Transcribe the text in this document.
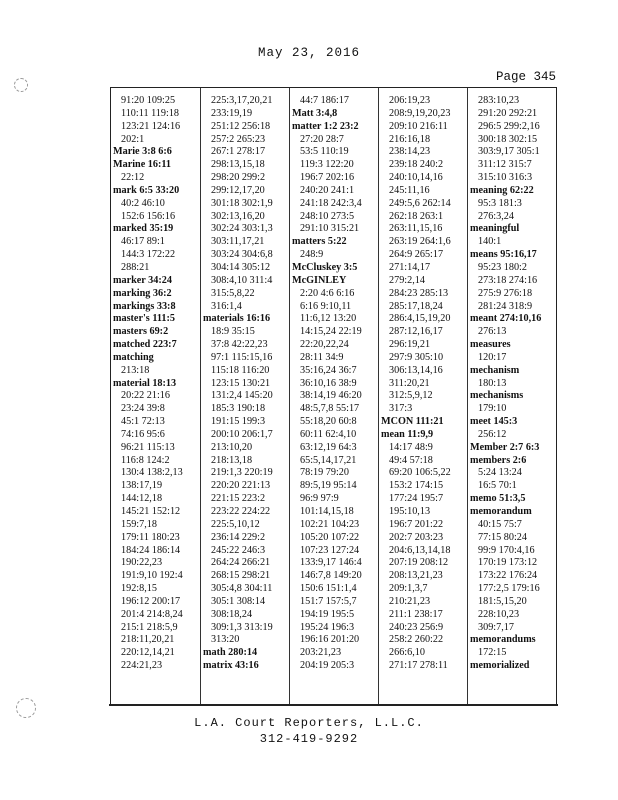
May 23, 2016
Page 345
91:20 109:25
110:11 119:18
123:21 124:16
202:1
Marie 3:8 6:6
Marine 16:11
22:12
mark 6:5 33:20
40:2 46:10
152:6 156:16
marked 35:19
46:17 89:1
144:3 172:22
288:21
marker 34:24
marking 36:2
markings 33:8
master's 111:5
masters 69:2
matched 223:7
matching
213:18
material 18:13
20:22 21:16
23:24 39:8
45:1 72:13
74:16 95:6
96:21 115:13
116:8 124:2
130:4 138:2,13
138:17,19
144:12,18
145:21 152:12
159:7,18
179:11 180:23
184:24 186:14
190:22,23
191:9,10 192:4
192:8,15
196:12 200:17
201:4 214:8,24
215:1 218:5,9
218:11,20,21
220:12,14,21
224:21,23
225:3,17,20,21
233:19,19
251:12 256:18
257:2 265:23
267:1 278:17
298:13,15,18
298:20 299:2
299:12,17,20
301:18 302:1,9
302:13,16,20
302:24 303:1,3
303:11,17,21
303:24 304:6,8
304:14 305:12
308:4,10 311:4
315:5,8,22
316:1,4
materials 16:16
18:9 35:15
37:8 42:22,23
97:1 115:15,16
115:18 116:20
123:15 130:21
131:2,4 145:20
185:3 190:18
191:15 199:3
200:10 206:1,7
213:10,20
218:13,18
219:1,3 220:19
220:20 221:13
221:15 223:2
223:22 224:22
225:5,10,12
236:14 229:2
245:22 246:3
264:24 266:21
268:15 298:21
305:4,8 304:11
305:1 308:14
308:18,24
309:1,3 313:19
313:20
math 280:14
matrix 43:16
44:7 186:17
Matt 3:4,8
matter 1:2 23:2
27:20 28:7
53:5 110:19
119:3 122:20
196:7 202:16
240:20 241:1
241:18 242:3,4
248:10 273:5
291:10 315:21
matters 5:22
248:9
McCluskey 3:5
McGINLEY
2:20 4:6 6:16
6:16 9:10,11
11:6,12 13:20
14:15,24 22:19
22:20,22,24
28:11 34:9
35:16,24 36:7
36:10,16 38:9
38:14,19 46:20
48:5,7,8 55:17
55:18,20 60:8
60:11 62:4,10
63:12,19 64:3
65:5,14,17,21
78:19 79:20
89:5,19 95:14
96:9 97:9
101:14,15,18
102:21 104:23
105:20 107:22
107:23 127:24
133:9,17 146:4
146:7,8 149:20
150:6 151:1,4
151:7 157:5,7
194:19 195:5
195:24 196:3
196:16 201:20
203:21,23
204:19 205:3
206:19,23
208:9,19,20,23
209:10 216:11
216:16,18
238:14,23
239:18 240:2
240:10,14,16
245:11,16
249:5,6 262:14
262:18 263:1
263:11,15,16
263:19 264:1,6
264:9 265:17
271:14,17
279:2,14
284:23 285:13
285:17,18,24
286:4,15,19,20
287:12,16,17
296:19,21
297:9 305:10
306:13,14,16
311:20,21
312:5,9,12
317:3
MCON 111:21
mean 11:9,9
14:17 48:9
49:4 57:18
69:20 106:5,22
153:2 174:15
177:24 195:7
195:10,13
196:7 201:22
202:7 203:23
204:6,13,14,18
207:19 208:12
208:13,21,23
209:1,3,7
210:21,23
211:1 238:17
240:23 256:9
258:2 260:22
266:6,10
271:17 278:11
283:10,23
291:20 292:21
296:5 299:2,16
300:18 302:15
303:9,17 305:1
311:12 315:7
315:10 316:3
meaning 62:22
95:3 181:3
276:3,24
meaningful
140:1
means 95:16,17
95:23 180:2
273:18 274:16
275:9 276:18
281:24 318:9
meant 274:10,16
276:13
measures
120:17
mechanism
180:13
mechanisms
179:10
meet 145:3
256:12
Member 2:7 6:3
members 2:6
5:24 13:24
16:5 70:1
memo 51:3,5
memorandum
40:15 75:7
77:15 80:24
99:9 170:4,16
170:19 173:12
173:22 176:24
177:2,5 179:16
181:5,15,20
228:10,23
309:7,17
memorandums
172:15
memorialized
L.A. Court Reporters, L.L.C.
312-419-9292
